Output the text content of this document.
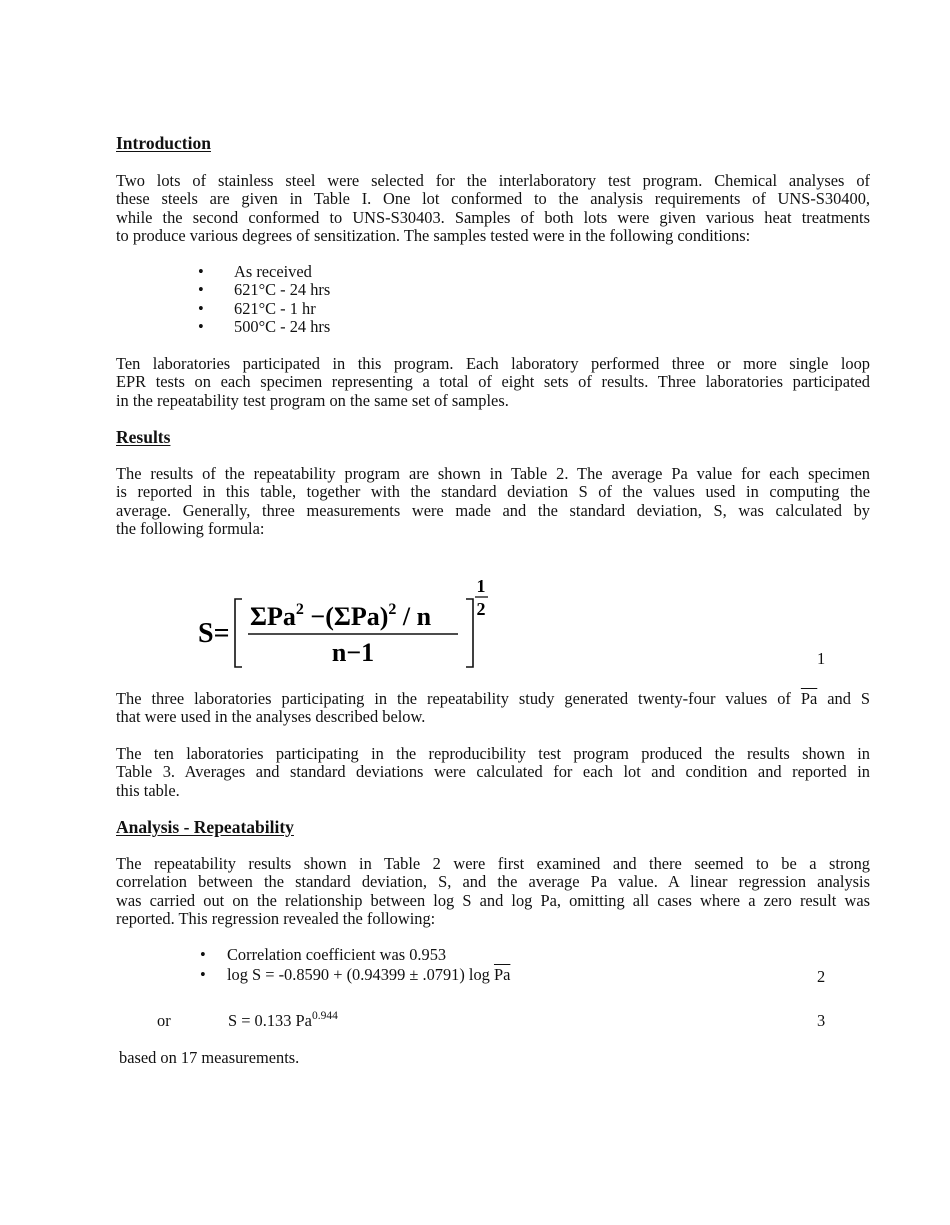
Introduction
Two lots of stainless steel were selected for the interlaboratory test program. Chemical analyses of
these steels are given in Table I. One lot conformed to the analysis requirements of UNS-S30400,
while the second conformed to UNS-S30403. Samples of both lots were given various heat treatments
to produce various degrees of sensitization. The samples tested were in the following conditions:
• As received
• 621°C - 24 hrs
• 621°C - 1 hr
• 500°C - 24 hrs
Ten laboratories participated in this program. Each laboratory performed three or more single loop
EPR tests on each specimen representing a total of eight sets of results. Three laboratories participated
in the repeatability test program on the same set of samples.
Results
The results of the repeatability program are shown in Table 2. The average Pa value for each specimen
is reported in this table, together with the standard deviation S of the values used in computing the
average. Generally, three measurements were made and the standard deviation, S, was calculated by
the following formula:
S=
$\Sigma Pa^2 -(\Sigma Pa)^2 / n$
n−1
1
2
1
The three laboratories participating in the repeatability study generated twenty-four values of $\overline{Pa}$ and S
that were used in the analyses described below.
The ten laboratories participating in the reproducibility test program produced the results shown in
Table 3. Averages and standard deviations were calculated for each lot and condition and reported in
this table.
Analysis - Repeatability
The repeatability results shown in Table 2 were first examined and there seemed to be a strong
correlation between the standard deviation, S, and the average Pa value. A linear regression analysis
was carried out on the relationship between log S and log Pa, omitting all cases where a zero result was
reported. This regression revealed the following:
• Correlation coefficient was 0.953
• log S = -0.8590 + (0.94399 ± .0791) $\log \overline{Pa}$	2
or	S = 0.133 $Pa^{0.944}$	3
based on 17 measurements.
